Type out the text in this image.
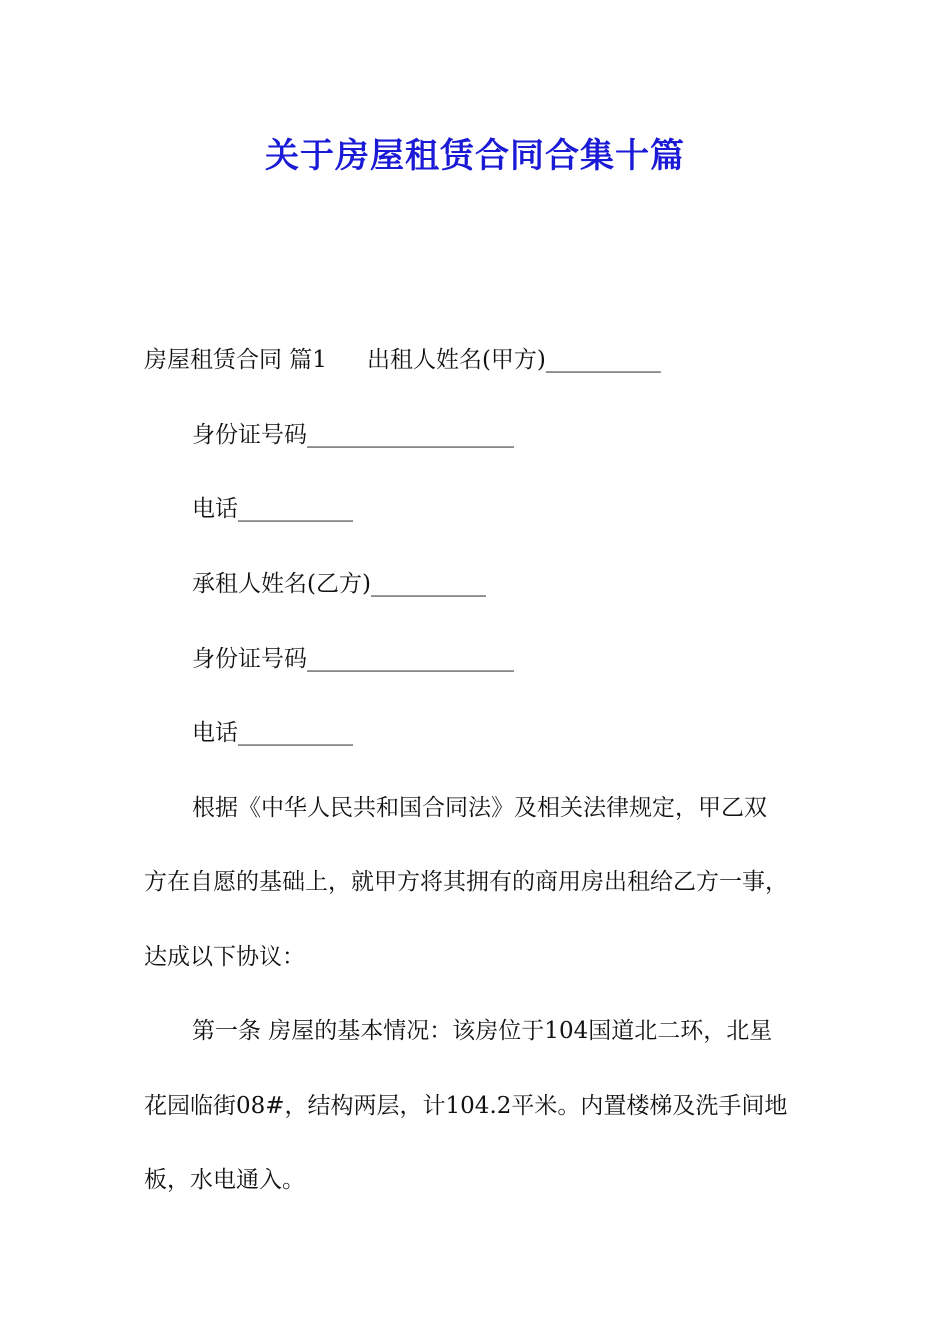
关于房屋租赁合同合集十篇

房屋租赁合同 篇1 出租人姓名(甲方)__________

身份证号码__________________

电话__________

承租人姓名(乙方)__________

身份证号码__________________

电话__________

根据《中华人民共和国合同法》及相关法律规定，甲乙双

方在自愿的基础上，就甲方将其拥有的商用房出租给乙方一事，

达成以下协议：

第一条 房屋的基本情况：该房位于104国道北二环，北星

花园临街08#，结构两层，计104.2平米。内置楼梯及洗手间地

板，水电通入。
